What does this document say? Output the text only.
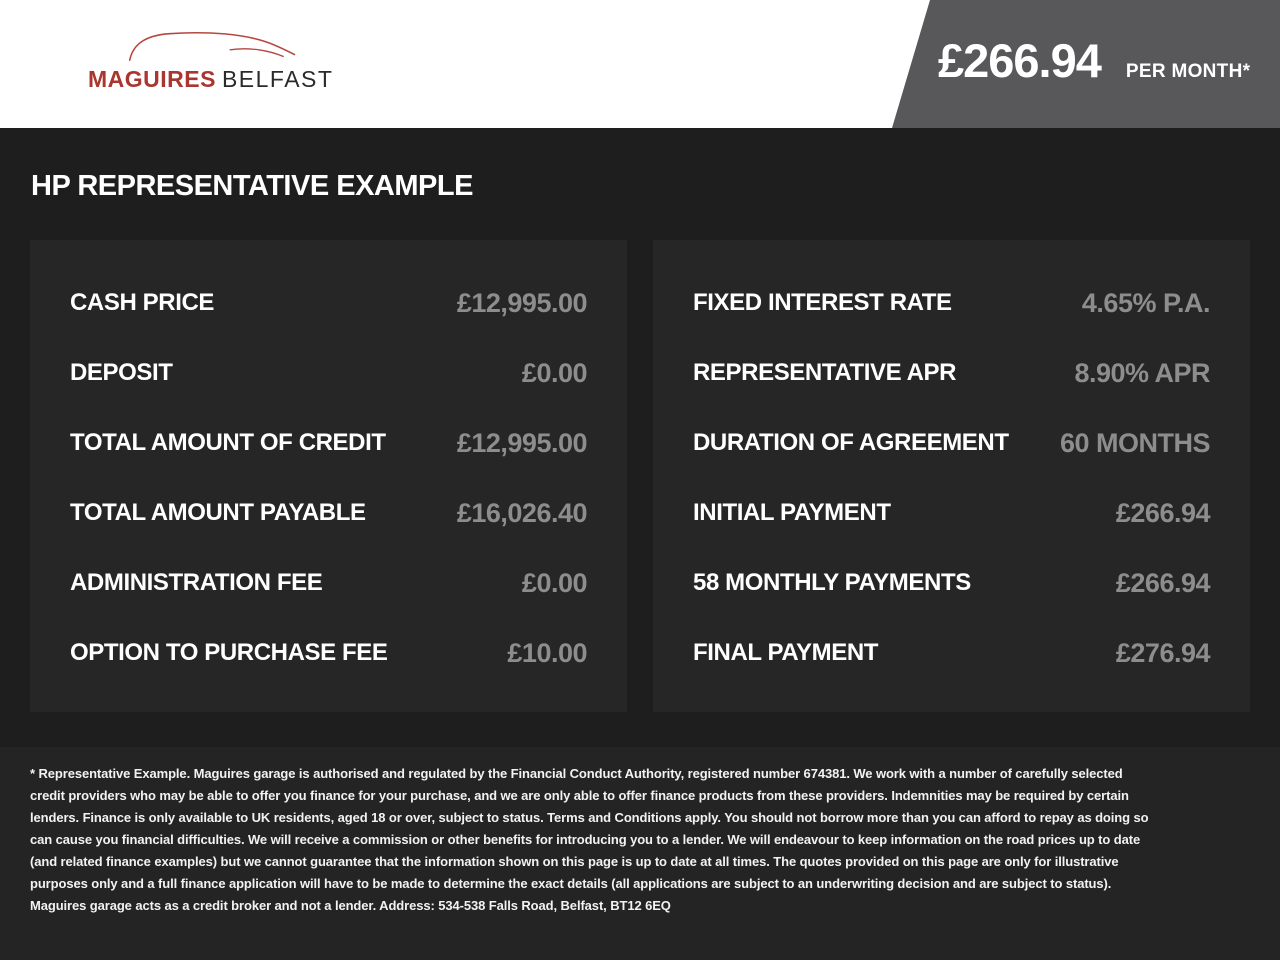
MAGUIRES BELFAST	£266.94 PER MONTH*
HP REPRESENTATIVE EXAMPLE
CASH PRICE	£12,995.00
DEPOSIT	£0.00
TOTAL AMOUNT OF CREDIT	£12,995.00
TOTAL AMOUNT PAYABLE	£16,026.40
ADMINISTRATION FEE	£0.00
OPTION TO PURCHASE FEE	£10.00
FIXED INTEREST RATE	4.65% P.A.
REPRESENTATIVE APR	8.90% APR
DURATION OF AGREEMENT 60 MONTHS
INITIAL PAYMENT	£266.94
58 MONTHLY PAYMENTS	£266.94
FINAL PAYMENT	£276.94

* Representative Example. Maguires garage is authorised and regulated by the Financial Conduct Authority, registered number 674381. We work with a number of carefully selected credit providers who may be able to offer you finance for your purchase, and we are only able to offer finance products from these providers. Indemnities may be required by certain lenders. Finance is only available to UK residents, aged 18 or over, subject to status. Terms and Conditions apply. You should not borrow more than you can afford to repay as doing so can cause you financial difficulties. We will receive a commission or other benefits for introducing you to a lender. We will endeavour to keep information on the road prices up to date (and related finance examples) but we cannot guarantee that the information shown on this page is up to date at all times. The quotes provided on this page are only for illustrative purposes only and a full finance application will have to be made to determine the exact details (all applications are subject to an underwriting decision and are subject to status). Maguires garage acts as a credit broker and not a lender. Address: 534-538 Falls Road, Belfast, BT12 6EQ
